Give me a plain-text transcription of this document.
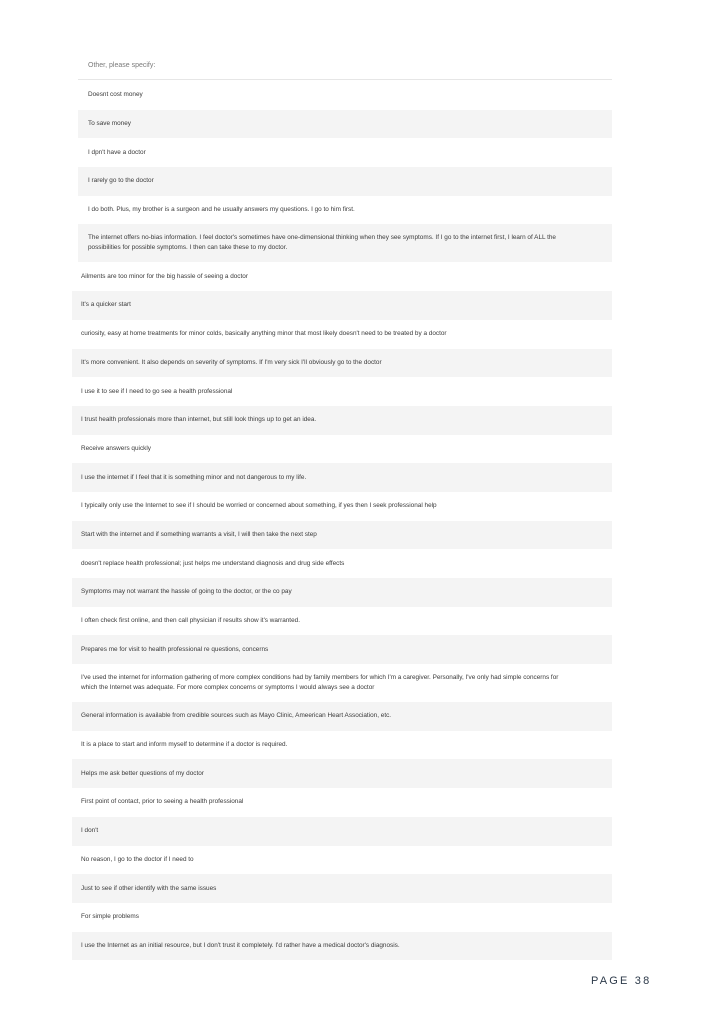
Other, please specify:
Doesnt cost money
To save money
I dpn't have a doctor
I rarely go to the doctor
I do both. Plus, my brother is a surgeon and he usually answers my questions. I go to him first.
The internet offers no-bias information. I feel doctor's sometimes have one-dimensional thinking when they see symptoms. If I go to the internet first, I learn of ALL the possibilities for possible symptoms. I then can take these to my doctor.
Ailments are too minor for the big hassle of seeing a doctor
It's a quicker start
curiosity, easy at home treatments for minor colds, basically anything minor that most likely doesn't need to be treated by a doctor
It's more convenient. It also depends on severity of symptoms. If I'm very sick I'll obviously go to the doctor
I use it to see if I need to go see a health professional
I trust health professionals more than internet, but still look things up to get an idea.
Receive answers quickly
I use the internet if I feel that it is something minor and not dangerous to my life.
I typically only use the Internet to see if I should be worried or concerned about something, if yes then I seek professional help
Start with the internet and if something warrants a visit, I will then take the next step
doesn't replace health professional; just helps me understand diagnosis and drug side effects
Symptoms may not warrant the hassle of going to the doctor, or the co pay
I often check first online, and then call physician if results show it's warranted.
Prepares me for visit to health professional re questions, concerns
I've used the internet for information gathering of more complex conditions had by family members for which I'm a caregiver. Personally, I've only had simple concerns for which the Internet was adequate. For more complex concerns or symptoms I would always see a doctor
General information is available from credible sources such as Mayo Clinic, Ameerican Heart Association, etc.
It is a place to start and inform myself to determine if a doctor is required.
Helps me ask better questions of my doctor
First point of contact, prior to seeing a health professional
I don't
No reason, I go to the doctor if I need to
Just to see if other identify with the same issues
For simple problems
I use the Internet as an initial resource, but I don't trust it completely. I'd rather have a medical doctor's diagnosis.
PAGE 38
